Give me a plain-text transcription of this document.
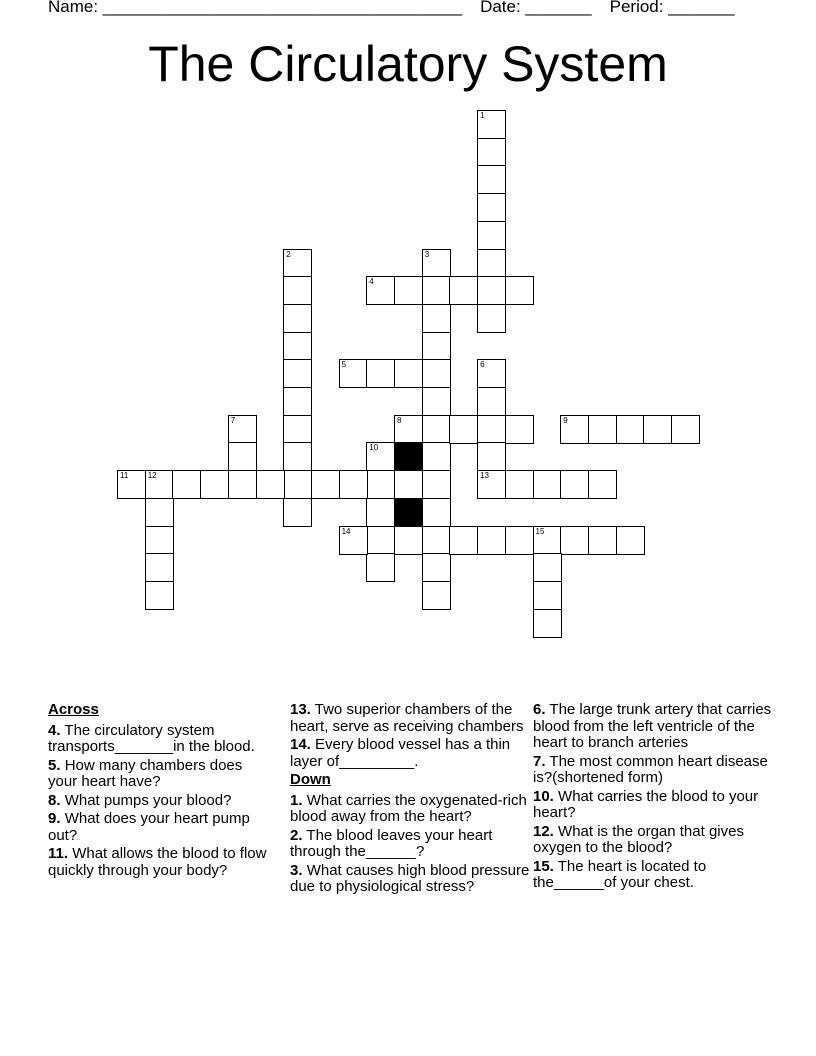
Name: ______________________________________ Date: _______ Period: _______
The Circulatory System
1
2	3
4
5	6
13
7	8	9
10
11 12
14	15
Across
4. The circulatory system transports_______in the blood.
5. How many chambers does your heart have?
8. What pumps your blood?
9. What does your heart pump out?
11. What allows the blood to flow quickly through your body?
13. Two superior chambers of the heart, serve as receiving chambers
14. Every blood vessel has a thin layer of_________.
Down
1. What carries the oxygenated-rich blood away from the heart?
2. The blood leaves your heart through the______?
3. What causes high blood pressure due to physiological stress?
6. The large trunk artery that carries blood from the left ventricle of the heart to branch arteries
7. The most common heart disease is?(shortened form)
10. What carries the blood to your heart?
12. What is the organ that gives oxygen to the blood?
15. The heart is located to the______of your chest.
